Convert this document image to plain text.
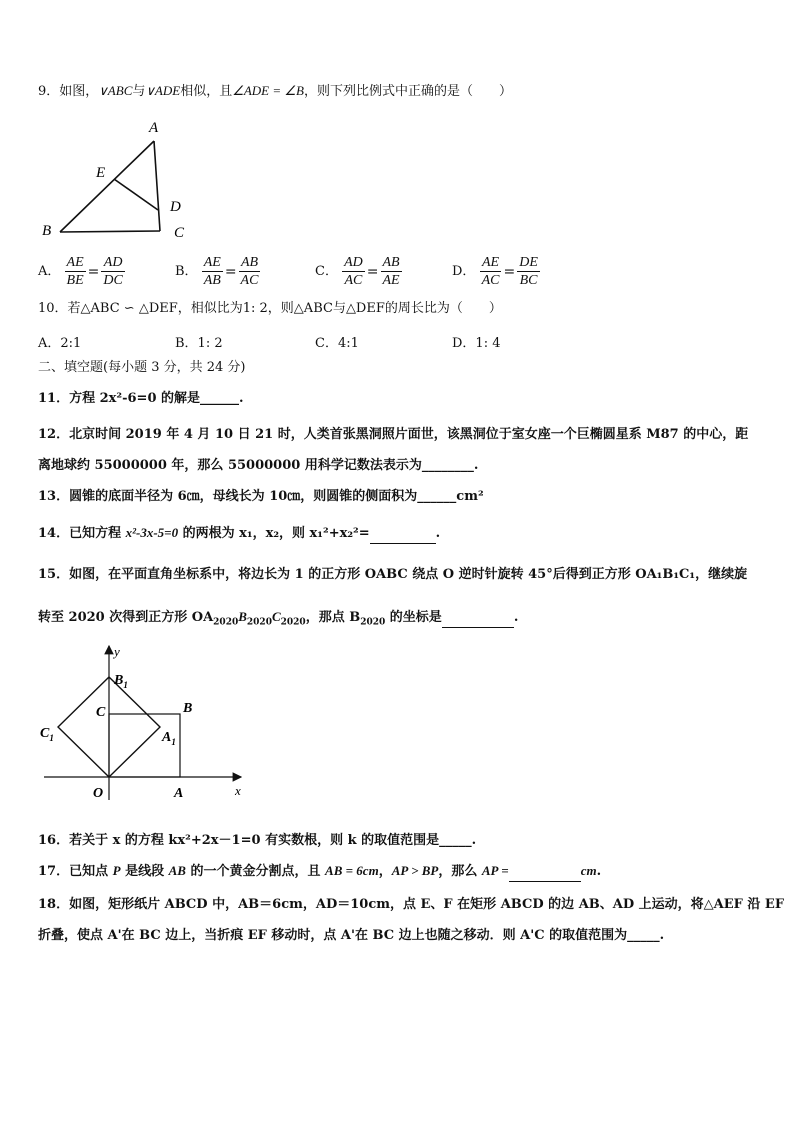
9．如图，∨ABC与∨ADE相似，且∠ADE = ∠B，则下列比例式中正确的是（　　）
A
E
D
B	C
A． $\frac{AE}{BE} = \frac{AD}{DC}$	B． $\frac{AE}{AB} = \frac{AB}{AC}$	C． $\frac{AD}{AC} = \frac{AB}{AE}$	D． $\frac{AE}{AC} = \frac{DE}{BC}$
10．若△ABC ∽ △DEF，相似比为1: 2，则△ABC与△DEF的周长比为（　　）
A．2:1	B．1: 2	C．4:1	D．1: 4
二、填空题(每小题 3 分，共 24 分)
11．方程 2x²-6=0 的解是______.
12．北京时间 2019 年 4 月 10 日 21 时，人类首张黑洞照片面世，该黑洞位于室女座一个巨椭圆星系 M87 的中心，距
离地球约 55000000 年，那么 55000000 用科学记数法表示为________.
13．圆锥的底面半径为 6㎝，母线长为 10㎝，则圆锥的侧面积为______cm²
14．已知方程 x²-3x-5=0 的两根为 x₁，x₂，则 x₁²+x₂²=	.
15．如图，在平面直角坐标系中，将边长为 1 的正方形 OABC 绕点 O 逆时针旋转 45°后得到正方形 OA₁B₁C₁，继续旋
转至 2020 次得到正方形 $OA_{2020}B_{2020}C_{2020}$，那点 $B_{2020}$ 的坐标是	.
y
x
O	A
B
C
$B_1$
$C_1$	$A_1$
16．若关于 x 的方程 kx²+2x－1=0 有实数根，则 k 的取值范围是_____.
17．已知点 P 是线段 AB 的一个黄金分割点，且 AB = 6cm，AP > BP，那么 AP =	cm.
18．如图，矩形纸片 ABCD 中，AB＝6cm，AD＝10cm，点 E、F 在矩形 ABCD 的边 AB、AD 上运动，将△AEF 沿 EF
折叠，使点 A'在 BC 边上，当折痕 EF 移动时，点 A'在 BC 边上也随之移动．则 A'C 的取值范围为_____.
